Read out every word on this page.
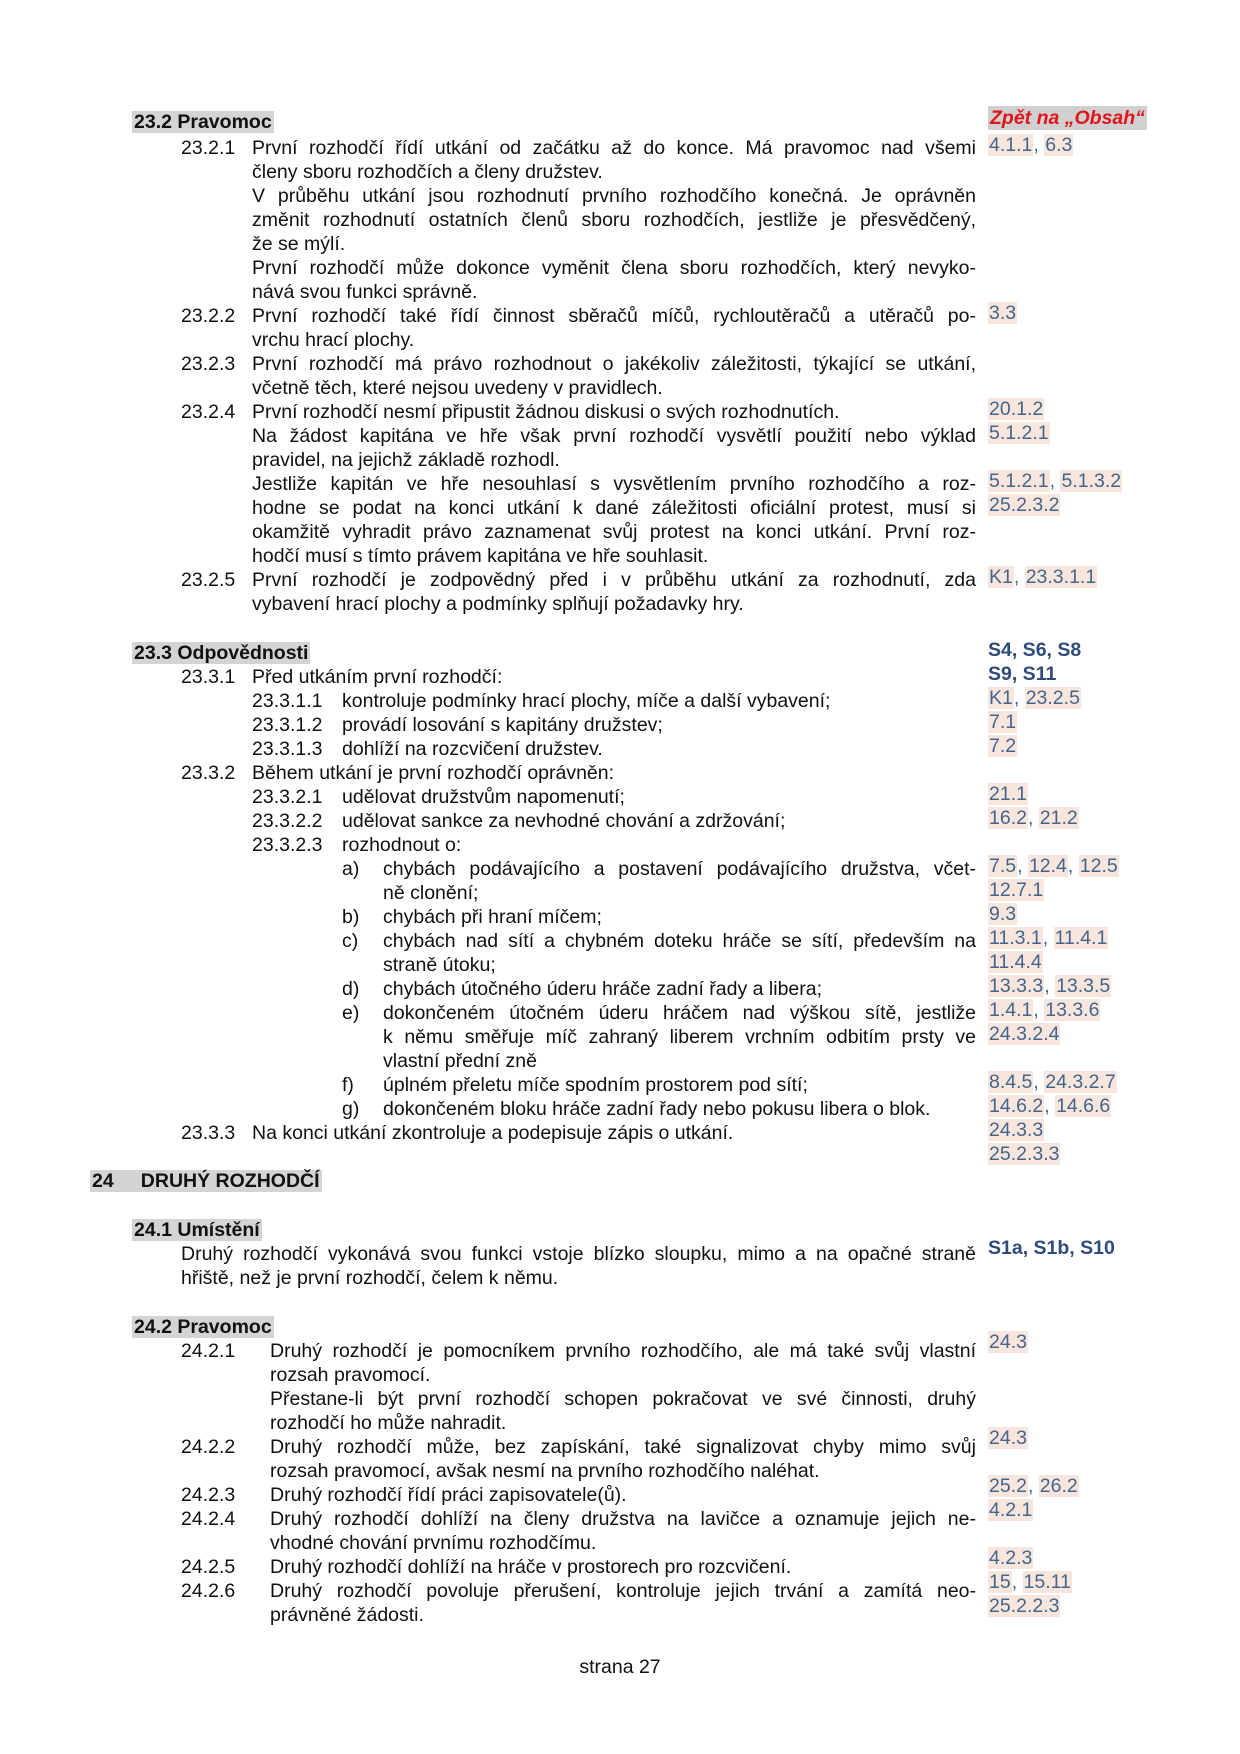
Zpět na „Obsah“
23.2 Pravomoc
23.2.1 První rozhodčí řídí utkání od začátku až do konce. Má pravomoc nad všemi
členy sboru rozhodčích a členy družstev.
V průběhu utkání jsou rozhodnutí prvního rozhodčího konečná. Je oprávněn
změnit rozhodnutí ostatních členů sboru rozhodčích, jestliže je přesvědčený,
že se mýlí.
První rozhodčí může dokonce vyměnit člena sboru rozhodčích, který nevyko-
nává svou funkci správně.
23.2.2 První rozhodčí také řídí činnost sběračů míčů, rychloutěračů a utěračů po-
vrchu hrací plochy.
23.2.3 První rozhodčí má právo rozhodnout o jakékoliv záležitosti, týkající se utkání,
včetně těch, které nejsou uvedeny v pravidlech.
23.2.4 První rozhodčí nesmí připustit žádnou diskusi o svých rozhodnutích.
Na žádost kapitána ve hře však první rozhodčí vysvětlí použití nebo výklad
pravidel, na jejichž základě rozhodl.
Jestliže kapitán ve hře nesouhlasí s vysvětlením prvního rozhodčího a roz-
hodne se podat na konci utkání k dané záležitosti oficiální protest, musí si
okamžitě vyhradit právo zaznamenat svůj protest na konci utkání. První roz-
hodčí musí s tímto právem kapitána ve hře souhlasit.
23.2.5 První rozhodčí je zodpovědný před i v průběhu utkání za rozhodnutí, zda
vybavení hrací plochy a podmínky splňují požadavky hry.
23.3 Odpovědnosti
23.3.1 Před utkáním první rozhodčí:
23.3.1.1 kontroluje podmínky hrací plochy, míče a další vybavení;
23.3.1.2 provádí losování s kapitány družstev;
23.3.1.3 dohlíží na rozcvičení družstev.
23.3.2 Během utkání je první rozhodčí oprávněn:
23.3.2.1 udělovat družstvům napomenutí;
23.3.2.2 udělovat sankce za nevhodné chování a zdržování;
23.3.2.3 rozhodnout o:
a) chybách podávajícího a postavení podávajícího družstva, včet-
ně clonění;
b) chybách při hraní míčem;
c) chybách nad sítí a chybném doteku hráče se sítí, především na
straně útoku;
d) chybách útočného úderu hráče zadní řady a libera;
e) dokončeném útočném úderu hráčem nad výškou sítě, jestliže
k němu směřuje míč zahraný liberem vrchním odbitím prsty ve
vlastní přední zně
f) úplném přeletu míče spodním prostorem pod sítí;
g) dokončeném bloku hráče zadní řady nebo pokusu libera o blok.
23.3.3 Na konci utkání zkontroluje a podepisuje zápis o utkání.
24 DRUHÝ ROZHODČÍ
24.1 Umístění
Druhý rozhodčí vykonává svou funkci vstoje blízko sloupku, mimo a na opačné straně
hřiště, než je první rozhodčí, čelem k němu.
24.2 Pravomoc
24.2.1 Druhý rozhodčí je pomocníkem prvního rozhodčího, ale má také svůj vlastní
rozsah pravomocí.
Přestane-li být první rozhodčí schopen pokračovat ve své činnosti, druhý
rozhodčí ho může nahradit.
24.2.2 Druhý rozhodčí může, bez zapískání, také signalizovat chyby mimo svůj
rozsah pravomocí, avšak nesmí na prvního rozhodčího naléhat.
24.2.3 Druhý rozhodčí řídí práci zapisovatele(ů).
24.2.4 Druhý rozhodčí dohlíží na členy družstva na lavičce a oznamuje jejich ne-
vhodné chování prvnímu rozhodčímu.
24.2.5 Druhý rozhodčí dohlíží na hráče v prostorech pro rozcvičení.
24.2.6 Druhý rozhodčí povoluje přerušení, kontroluje jejich trvání a zamítá neo-
právněné žádosti.
4.1.1, 6.3
3.3
20.1.2
5.1.2.1
5.1.2.1, 5.1.3.2
25.2.3.2
K1, 23.3.1.1
S4, S6, S8
S9, S11
K1, 23.2.5
7.1
7.2
21.1
16.2, 21.2
7.5, 12.4, 12.5
12.7.1
9.3
11.3.1, 11.4.1
11.4.4
13.3.3, 13.3.5
1.4.1, 13.3.6
24.3.2.4
8.4.5, 24.3.2.7
14.6.2, 14.6.6
24.3.3
25.2.3.3
S1a, S1b, S10
24.3
24.3
25.2, 26.2
4.2.1
4.2.3
15, 15.11
25.2.2.3
strana 27
